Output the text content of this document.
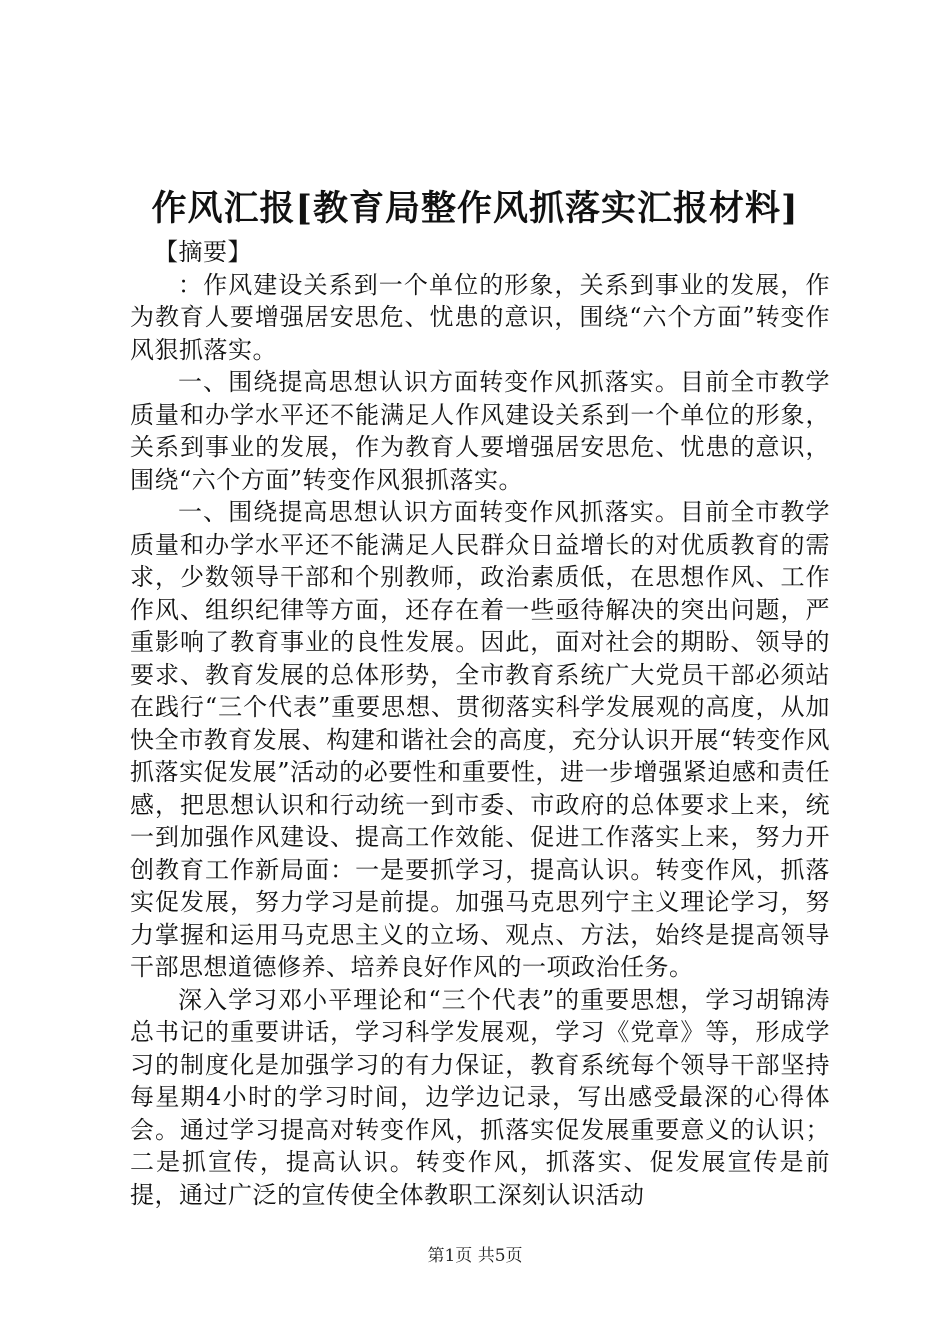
作风汇报[教育局整作风抓落实汇报材料]

【摘要】

：作风建设关系到一个单位的形象，关系到事业的发展，作为教育人要增强居安思危、忧患的意识，围绕“六个方面”转变作风狠抓落实。

一、围绕提高思想认识方面转变作风抓落实。目前全市教学质量和办学水平还不能满足人作风建设关系到一个单位的形象，关系到事业的发展，作为教育人要增强居安思危、忧患的意识，围绕“六个方面”转变作风狠抓落实。

一、围绕提高思想认识方面转变作风抓落实。目前全市教学质量和办学水平还不能满足人民群众日益增长的对优质教育的需求，少数领导干部和个别教师，政治素质低，在思想作风、工作作风、组织纪律等方面，还存在着一些亟待解决的突出问题，严重影响了教育事业的良性发展。因此，面对社会的期盼、领导的要求、教育发展的总体形势，全市教育系统广大党员干部必须站在践行“三个代表”重要思想、贯彻落实科学发展观的高度，从加快全市教育发展、构建和谐社会的高度，充分认识开展“转变作风抓落实促发展”活动的必要性和重要性，进一步增强紧迫感和责任感，把思想认识和行动统一到市委、市政府的总体要求上来，统一到加强作风建设、提高工作效能、促进工作落实上来，努力开创教育工作新局面：一是要抓学习，提高认识。转变作风，抓落实促发展，努力学习是前提。加强马克思列宁主义理论学习，努力掌握和运用马克思主义的立场、观点、方法，始终是提高领导干部思想道德修养、培养良好作风的一项政治任务。

深入学习邓小平理论和“三个代表”的重要思想，学习胡锦涛总书记的重要讲话，学习科学发展观，学习《党章》等，形成学习的制度化是加强学习的有力保证，教育系统每个领导干部坚持每星期4小时的学习时间，边学边记录，写出感受最深的心得体会。通过学习提高对转变作风，抓落实促发展重要意义的认识；二是抓宣传，提高认识。转变作风，抓落实、促发展宣传是前提，通过广泛的宣传使全体教职工深刻认识活动

第1页 共5页
